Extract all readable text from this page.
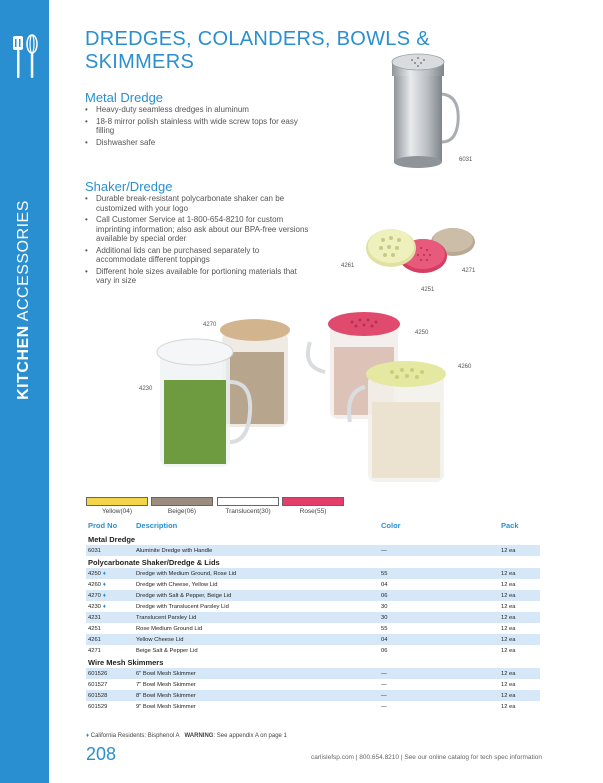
KITCHEN ACCESSORIES
DREDGES, COLANDERS, BOWLS &
SKIMMERS
Metal Dredge
• Heavy-duty seamless dredges in aluminum
• 18-8 mirror polish stainless with wide screw tops for easy filling
• Dishwasher safe
6031
Shaker/Dredge
• Durable break-resistant polycarbonate shaker can be customized with your logo
• Call Customer Service at 1-800-654-8210 for custom imprinting information; also ask about our BPA-free versions available by special order
• Additional lids can be purchased separately to accommodate different toppings
• Different hole sizes available for portioning materials that vary in size
4261
4271
4251
4270
4250
4230
4260
Yellow(04)	Beige(06)	Translucent(30)	Rose(55)
Prod No	Description	Color	Pack
Metal Dredge			
6031	Aluminite Dredge with Handle	—	12 ea
Polycarbonate Shaker/Dredge & Lids			
4250 ♦	Dredge with Medium Ground, Rose Lid	55	12 ea
4260 ♦	Dredge with Cheese, Yellow Lid	04	12 ea
4270 ♦	Dredge with Salt & Pepper, Beige Lid	06	12 ea
4230 ♦	Dredge with Translucent Parsley Lid	30	12 ea
4231	Translucent Parsley Lid	30	12 ea
4251	Rose Medium Ground Lid	55	12 ea
4261	Yellow Cheese Lid	04	12 ea
4271	Beige Salt & Pepper Lid	06	12 ea
Wire Mesh Skimmers			
601526	6" Bowl Mesh Skimmer	—	12 ea
601527	7" Bowl Mesh Skimmer	—	12 ea
601528	8" Bowl Mesh Skimmer	—	12 ea
601529	9" Bowl Mesh Skimmer	—	12 ea
♦ California Residents: Bisphenol A WARNING: See appendix A on page 1
208	carlislefsp.com | 800.654.8210 | See our online catalog for tech spec information
